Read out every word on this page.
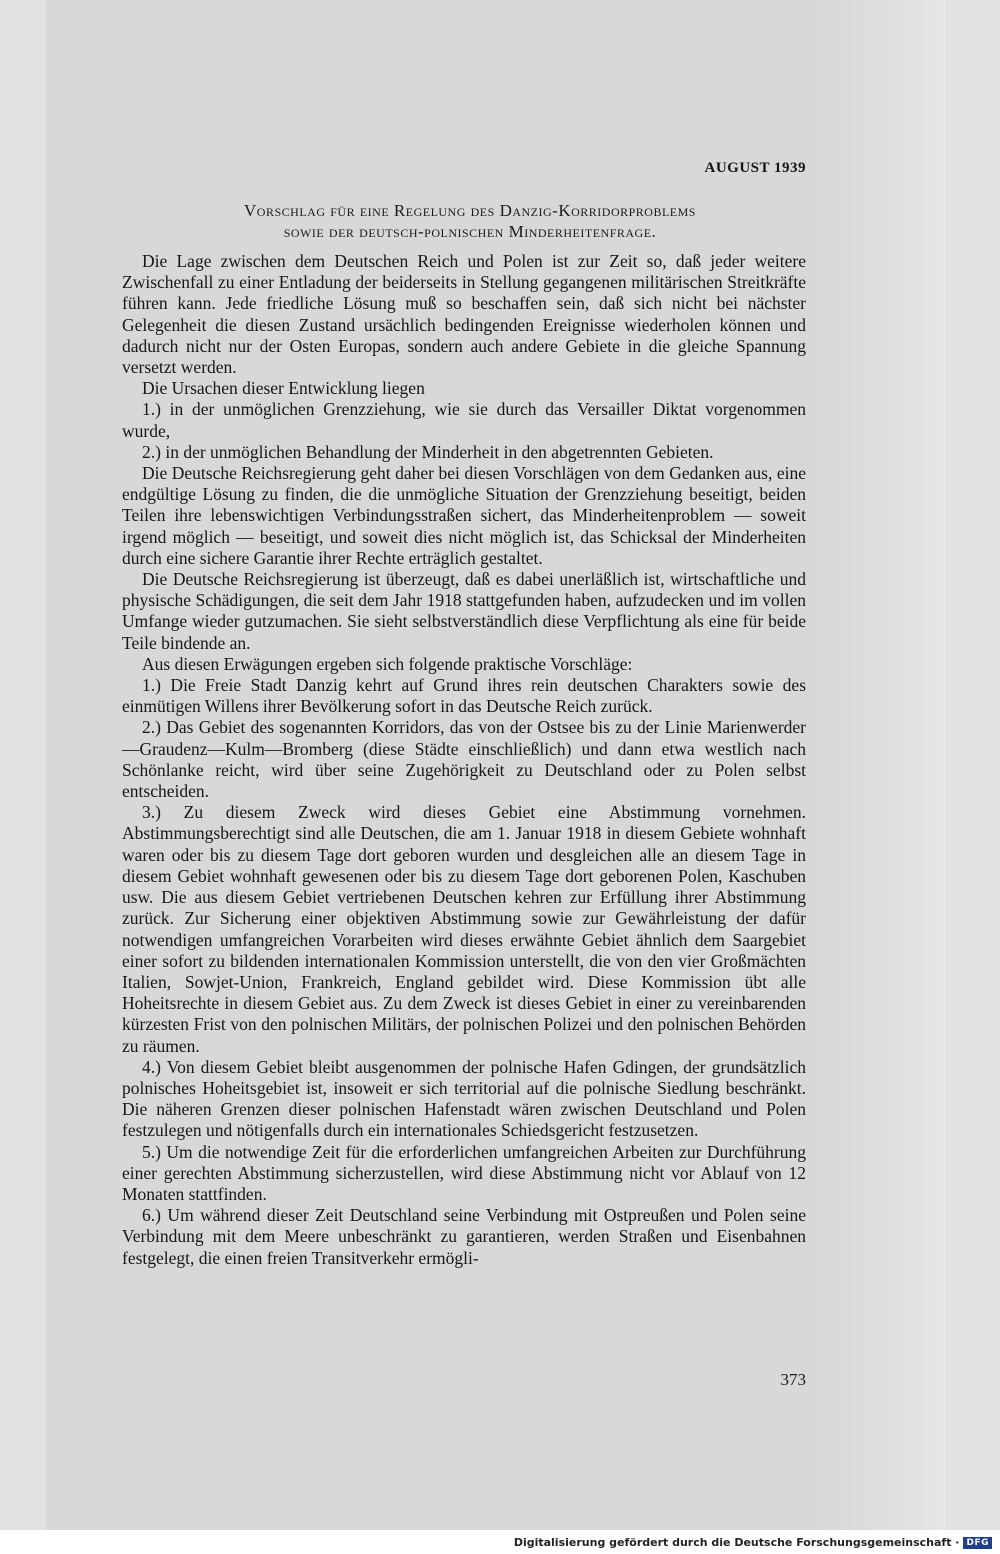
AUGUST 1939
Vorschlag für eine Regelung des Danzig-Korridorproblems
sowie der deutsch-polnischen Minderheitenfrage.

Die Lage zwischen dem Deutschen Reich und Polen ist zur Zeit so, daß jeder weitere Zwischenfall zu einer Entladung der beiderseits in Stellung gegangenen militärischen Streitkräfte führen kann. Jede friedliche Lösung muß so beschaffen sein, daß sich nicht bei nächster Gelegenheit die diesen Zustand ursächlich bedingenden Ereignisse wiederholen können und dadurch nicht nur der Osten Europas, sondern auch andere Gebiete in die gleiche Spannung versetzt werden.

Die Ursachen dieser Entwicklung liegen

1.) in der unmöglichen Grenzziehung, wie sie durch das Versailler Diktat vorgenommen wurde,

2.) in der unmöglichen Behandlung der Minderheit in den abgetrennten Gebieten.

Die Deutsche Reichsregierung geht daher bei diesen Vorschlägen von dem Gedanken aus, eine endgültige Lösung zu finden, die die unmögliche Situation der Grenzziehung beseitigt, beiden Teilen ihre lebenswichtigen Verbindungsstraßen sichert, das Minderheitenproblem — soweit irgend möglich — beseitigt, und soweit dies nicht möglich ist, das Schicksal der Minderheiten durch eine sichere Garantie ihrer Rechte erträglich gestaltet.

Die Deutsche Reichsregierung ist überzeugt, daß es dabei unerläßlich ist, wirtschaftliche und physische Schädigungen, die seit dem Jahr 1918 stattgefunden haben, aufzudecken und im vollen Umfange wieder gutzumachen. Sie sieht selbstverständlich diese Verpflichtung als eine für beide Teile bindende an.

Aus diesen Erwägungen ergeben sich folgende praktische Vorschläge:

1.) Die Freie Stadt Danzig kehrt auf Grund ihres rein deutschen Charakters sowie des einmütigen Willens ihrer Bevölkerung sofort in das Deutsche Reich zurück.

2.) Das Gebiet des sogenannten Korridors, das von der Ostsee bis zu der Linie Marienwerder—Graudenz—Kulm—Bromberg (diese Städte einschließlich) und dann etwa westlich nach Schönlanke reicht, wird über seine Zugehörigkeit zu Deutschland oder zu Polen selbst entscheiden.

3.) Zu diesem Zweck wird dieses Gebiet eine Abstimmung vornehmen. Abstimmungsberechtigt sind alle Deutschen, die am 1. Januar 1918 in diesem Gebiete wohnhaft waren oder bis zu diesem Tage dort geboren wurden und desgleichen alle an diesem Tage in diesem Gebiet wohnhaft gewesenen oder bis zu diesem Tage dort geborenen Polen, Kaschuben usw. Die aus diesem Gebiet vertriebenen Deutschen kehren zur Erfüllung ihrer Abstimmung zurück. Zur Sicherung einer objektiven Abstimmung sowie zur Gewährleistung der dafür notwendigen umfangreichen Vorarbeiten wird dieses erwähnte Gebiet ähnlich dem Saargebiet einer sofort zu bildenden internationalen Kommission unterstellt, die von den vier Großmächten Italien, Sowjet-Union, Frankreich, England gebildet wird. Diese Kommission übt alle Hoheitsrechte in diesem Gebiet aus. Zu dem Zweck ist dieses Gebiet in einer zu vereinbarenden kürzesten Frist von den polnischen Militärs, der polnischen Polizei und den polnischen Behörden zu räumen.

4.) Von diesem Gebiet bleibt ausgenommen der polnische Hafen Gdingen, der grundsätzlich polnisches Hoheitsgebiet ist, insoweit er sich territorial auf die polnische Siedlung beschränkt. Die näheren Grenzen dieser polnischen Hafenstadt wären zwischen Deutschland und Polen festzulegen und nötigenfalls durch ein internationales Schiedsgericht festzusetzen.

5.) Um die notwendige Zeit für die erforderlichen umfangreichen Arbeiten zur Durchführung einer gerechten Abstimmung sicherzustellen, wird diese Abstimmung nicht vor Ablauf von 12 Monaten stattfinden.

6.) Um während dieser Zeit Deutschland seine Verbindung mit Ostpreußen und Polen seine Verbindung mit dem Meere unbeschränkt zu garantieren, werden Straßen und Eisenbahnen festgelegt, die einen freien Transitverkehr ermögli-

373
Digitalisierung gefördert durch die Deutsche Forschungsgemeinschaft · DFG
